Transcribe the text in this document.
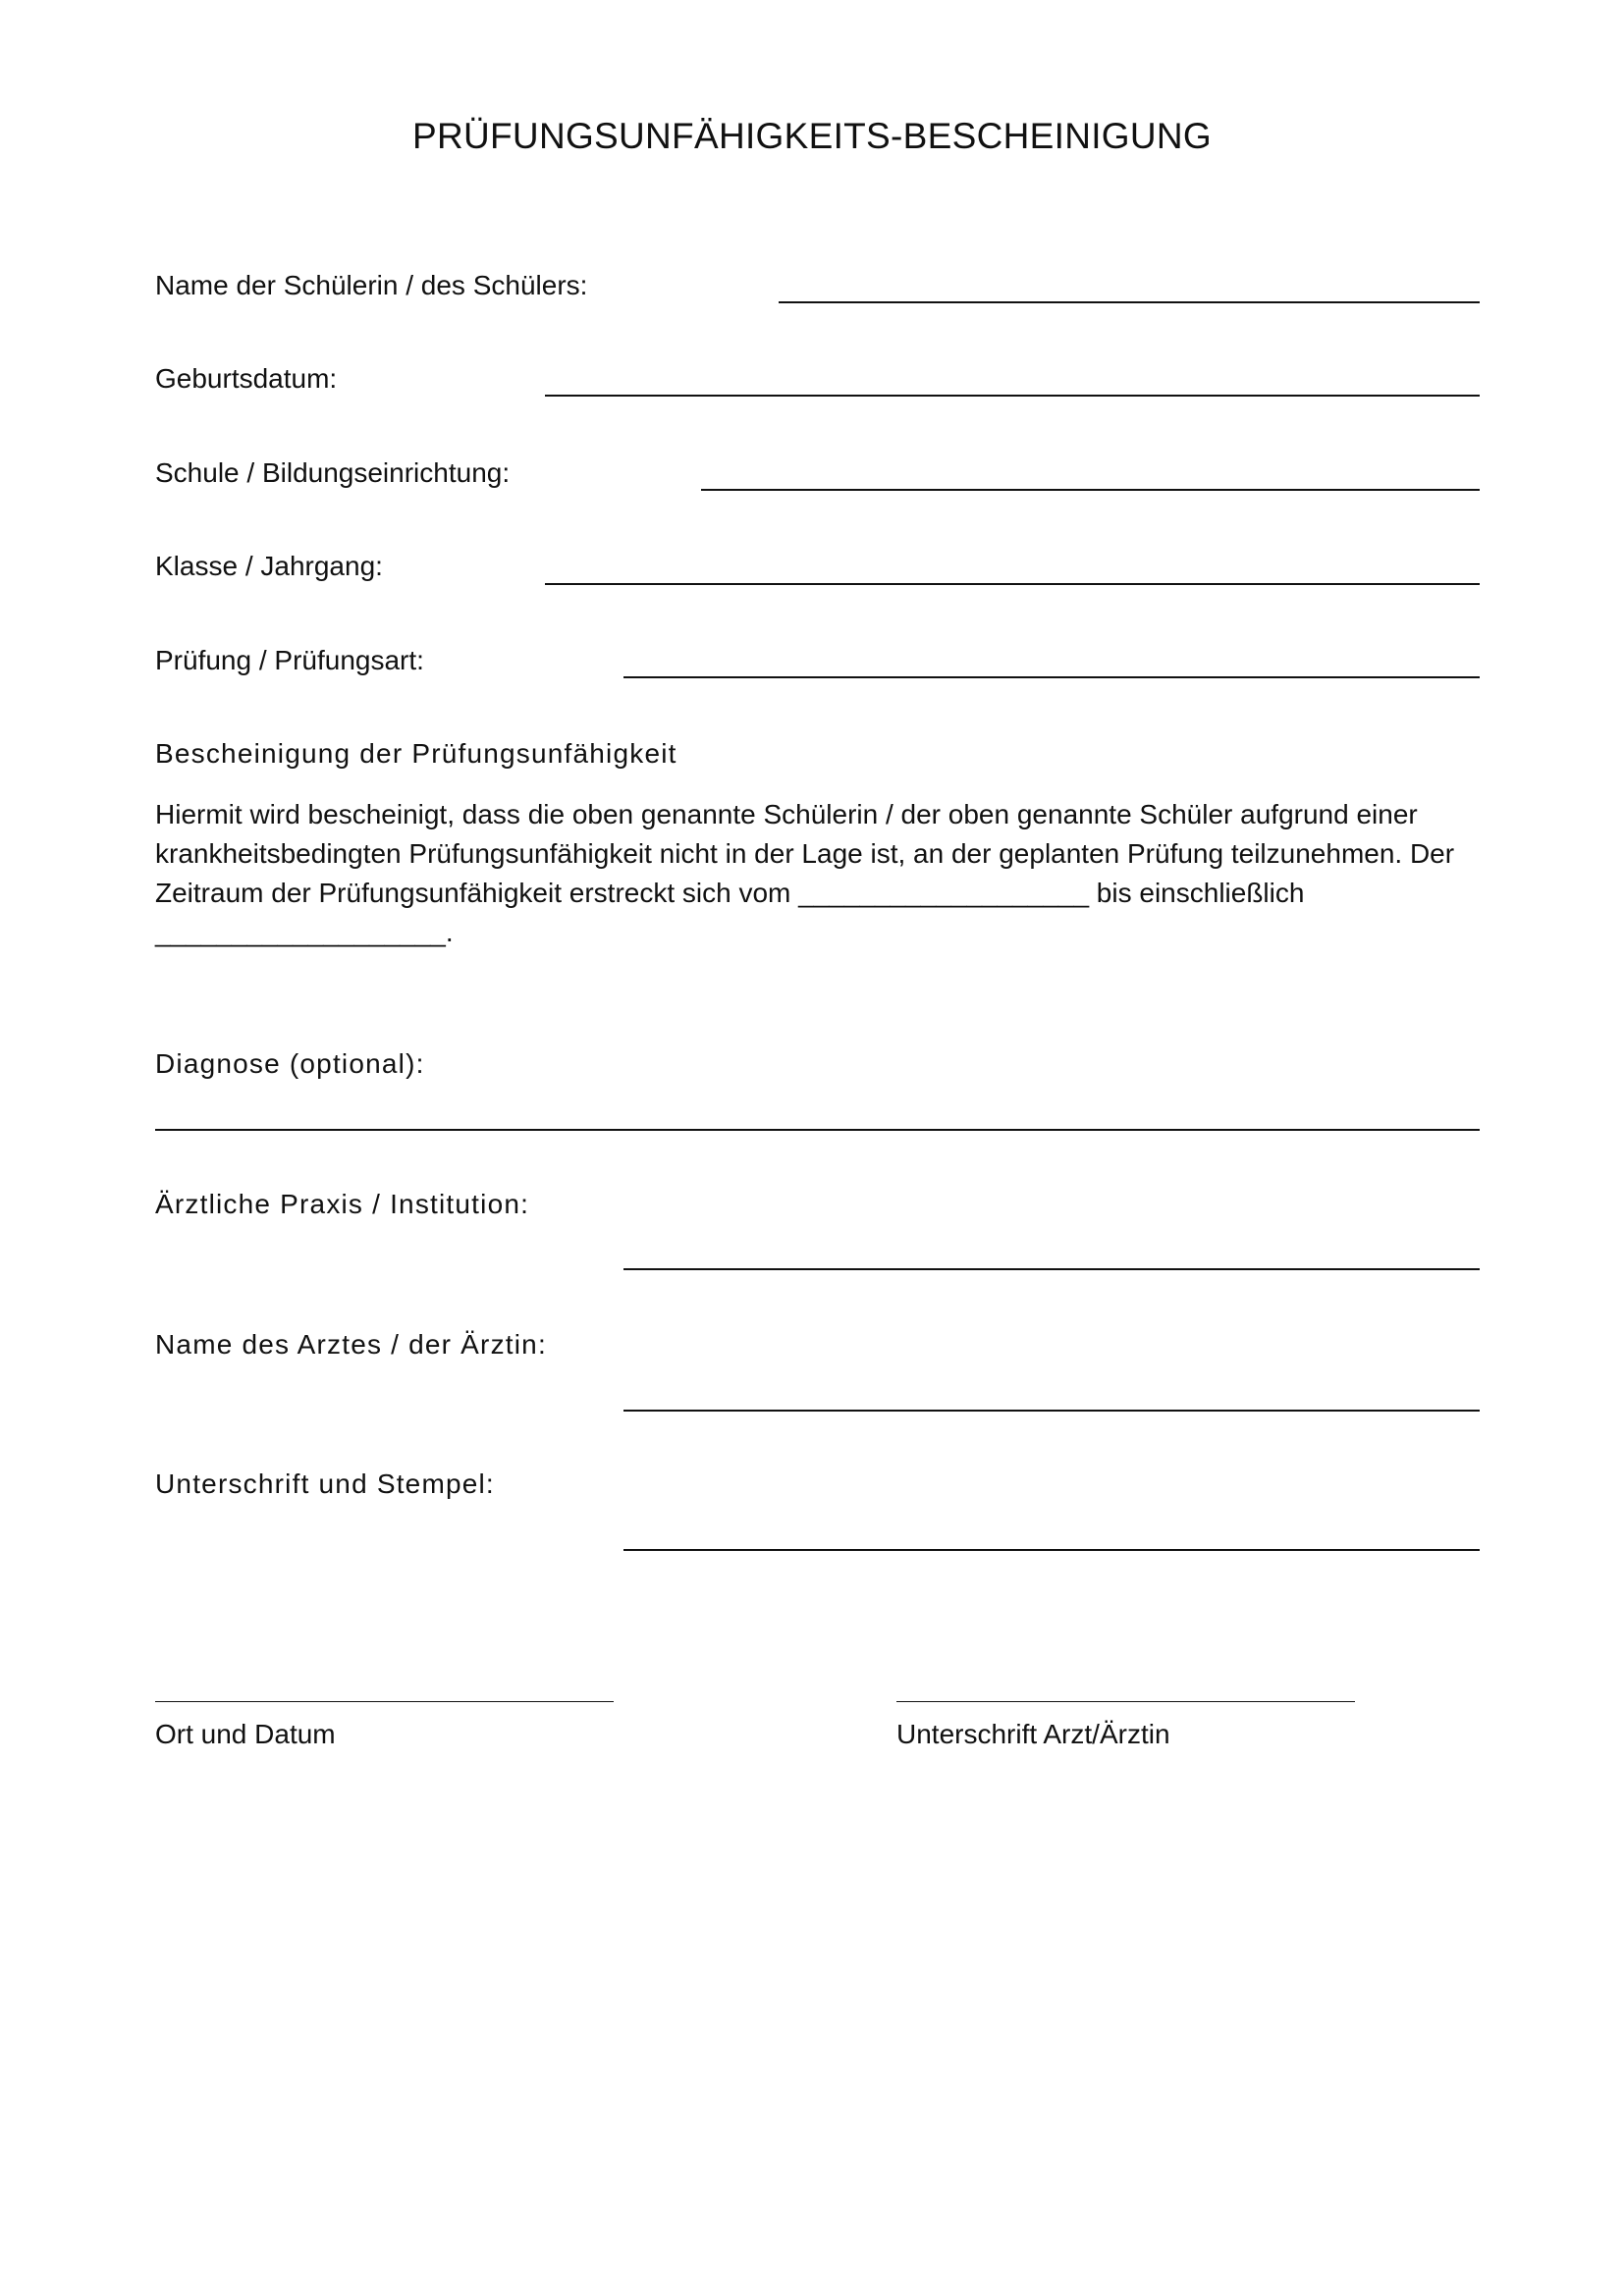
PRÜFUNGSUNFÄHIGKEITS-BESCHEINIGUNG
Name der Schülerin / des Schülers:
Geburtsdatum:
Schule / Bildungseinrichtung:
Klasse / Jahrgang:
Prüfung / Prüfungsart:
Bescheinigung der Prüfungsunfähigkeit

Hiermit wird bescheinigt, dass die oben genannte Schülerin / der oben genannte Schüler aufgrund einer

krankheitsbedingten Prüfungsunfähigkeit nicht in der Lage ist, an der geplanten Prüfung teilzunehmen. Der

Zeitraum der Prüfungsunfähigkeit erstreckt sich vom ___________________ bis einschließlich

___________________.

Diagnose (optional):
Ärztliche Praxis / Institution:
Name des Arztes / der Ärztin:
Unterschrift und Stempel:
Ort und Datum	Unterschrift Arzt/Ärztin
